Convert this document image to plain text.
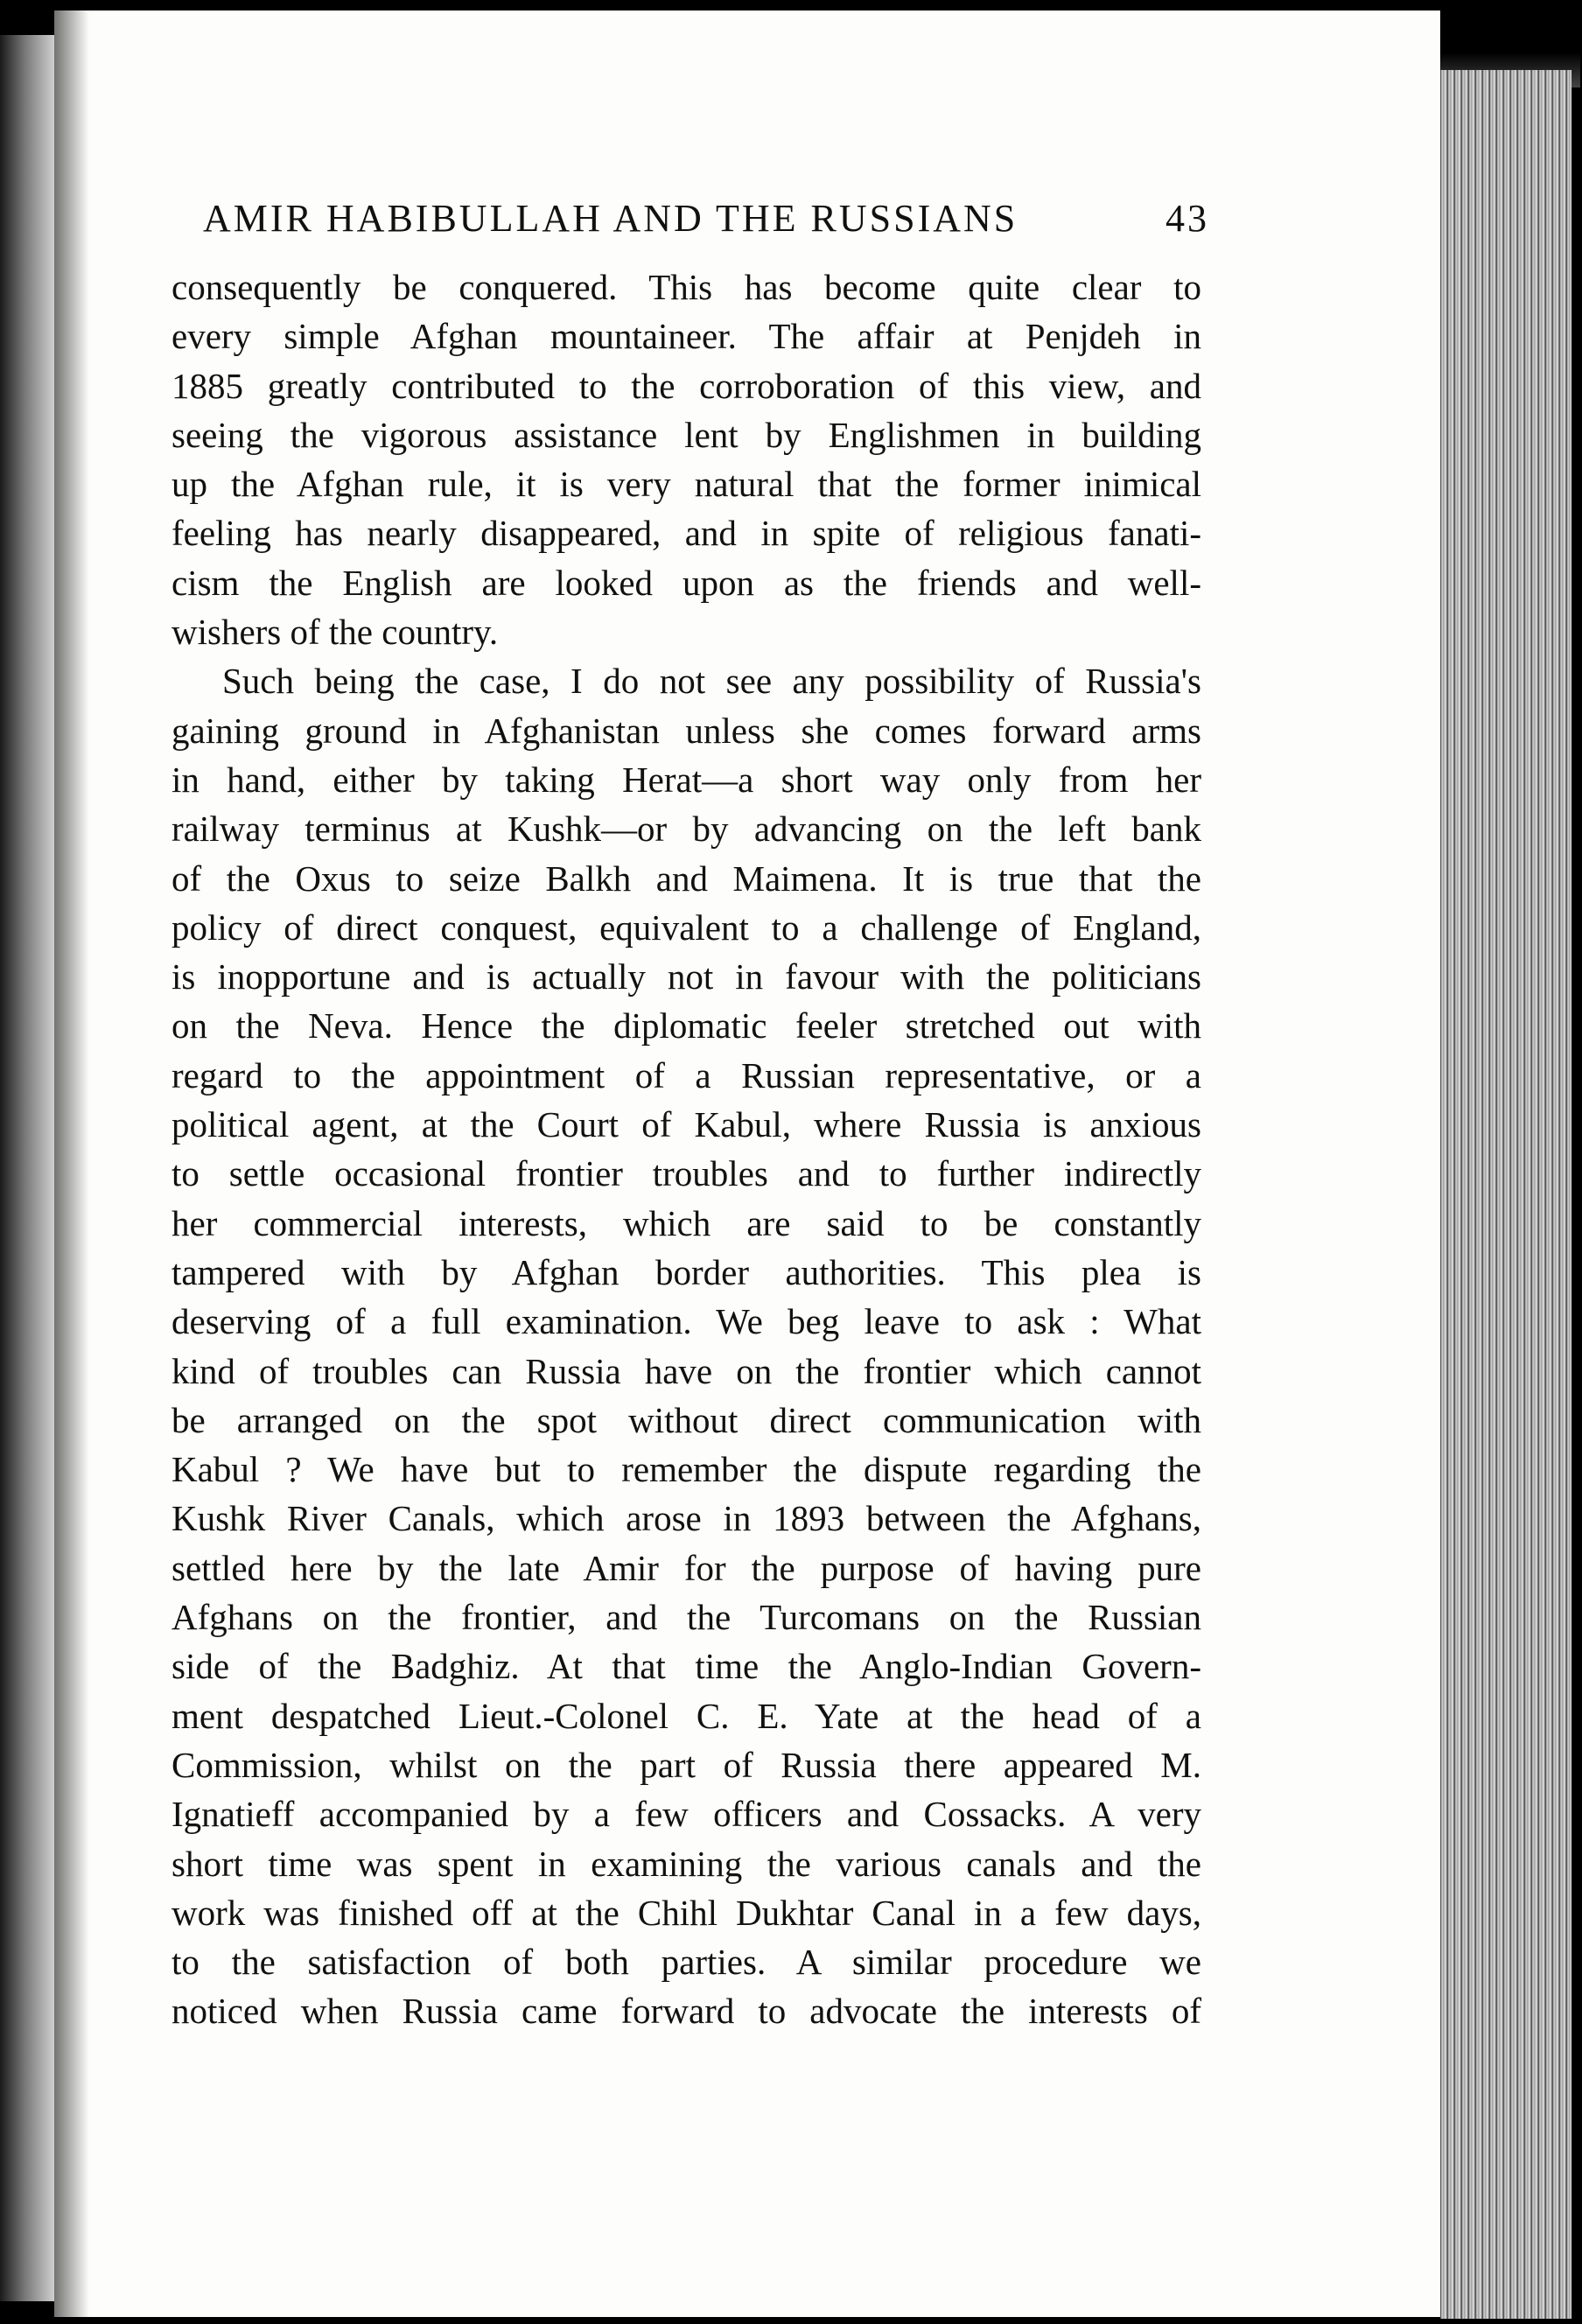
AMIR HABIBULLAH AND THE RUSSIANS	43
consequently be conquered. This has become quite clear to
every simple Afghan mountaineer. The affair at Penjdeh in
1885 greatly contributed to the corroboration of this view, and
seeing the vigorous assistance lent by Englishmen in building
up the Afghan rule, it is very natural that the former inimical
feeling has nearly disappeared, and in spite of religious fanati-
cism the English are looked upon as the friends and well-
wishers of the country.
Such being the case, I do not see any possibility of Russia's
gaining ground in Afghanistan unless she comes forward arms
in hand, either by taking Herat—a short way only from her
railway terminus at Kushk—or by advancing on the left bank
of the Oxus to seize Balkh and Maimena. It is true that the
policy of direct conquest, equivalent to a challenge of England,
is inopportune and is actually not in favour with the politicians
on the Neva. Hence the diplomatic feeler stretched out with
regard to the appointment of a Russian representative, or a
political agent, at the Court of Kabul, where Russia is anxious
to settle occasional frontier troubles and to further indirectly
her commercial interests, which are said to be constantly
tampered with by Afghan border authorities. This plea is
deserving of a full examination. We beg leave to ask : What
kind of troubles can Russia have on the frontier which cannot
be arranged on the spot without direct communication with
Kabul ? We have but to remember the dispute regarding the
Kushk River Canals, which arose in 1893 between the Afghans,
settled here by the late Amir for the purpose of having pure
Afghans on the frontier, and the Turcomans on the Russian
side of the Badghiz. At that time the Anglo-Indian Govern-
ment despatched Lieut.-Colonel C. E. Yate at the head of a
Commission, whilst on the part of Russia there appeared M.
Ignatieff accompanied by a few officers and Cossacks. A very
short time was spent in examining the various canals and the
work was finished off at the Chihl Dukhtar Canal in a few days,
to the satisfaction of both parties. A similar procedure we
noticed when Russia came forward to advocate the interests of
